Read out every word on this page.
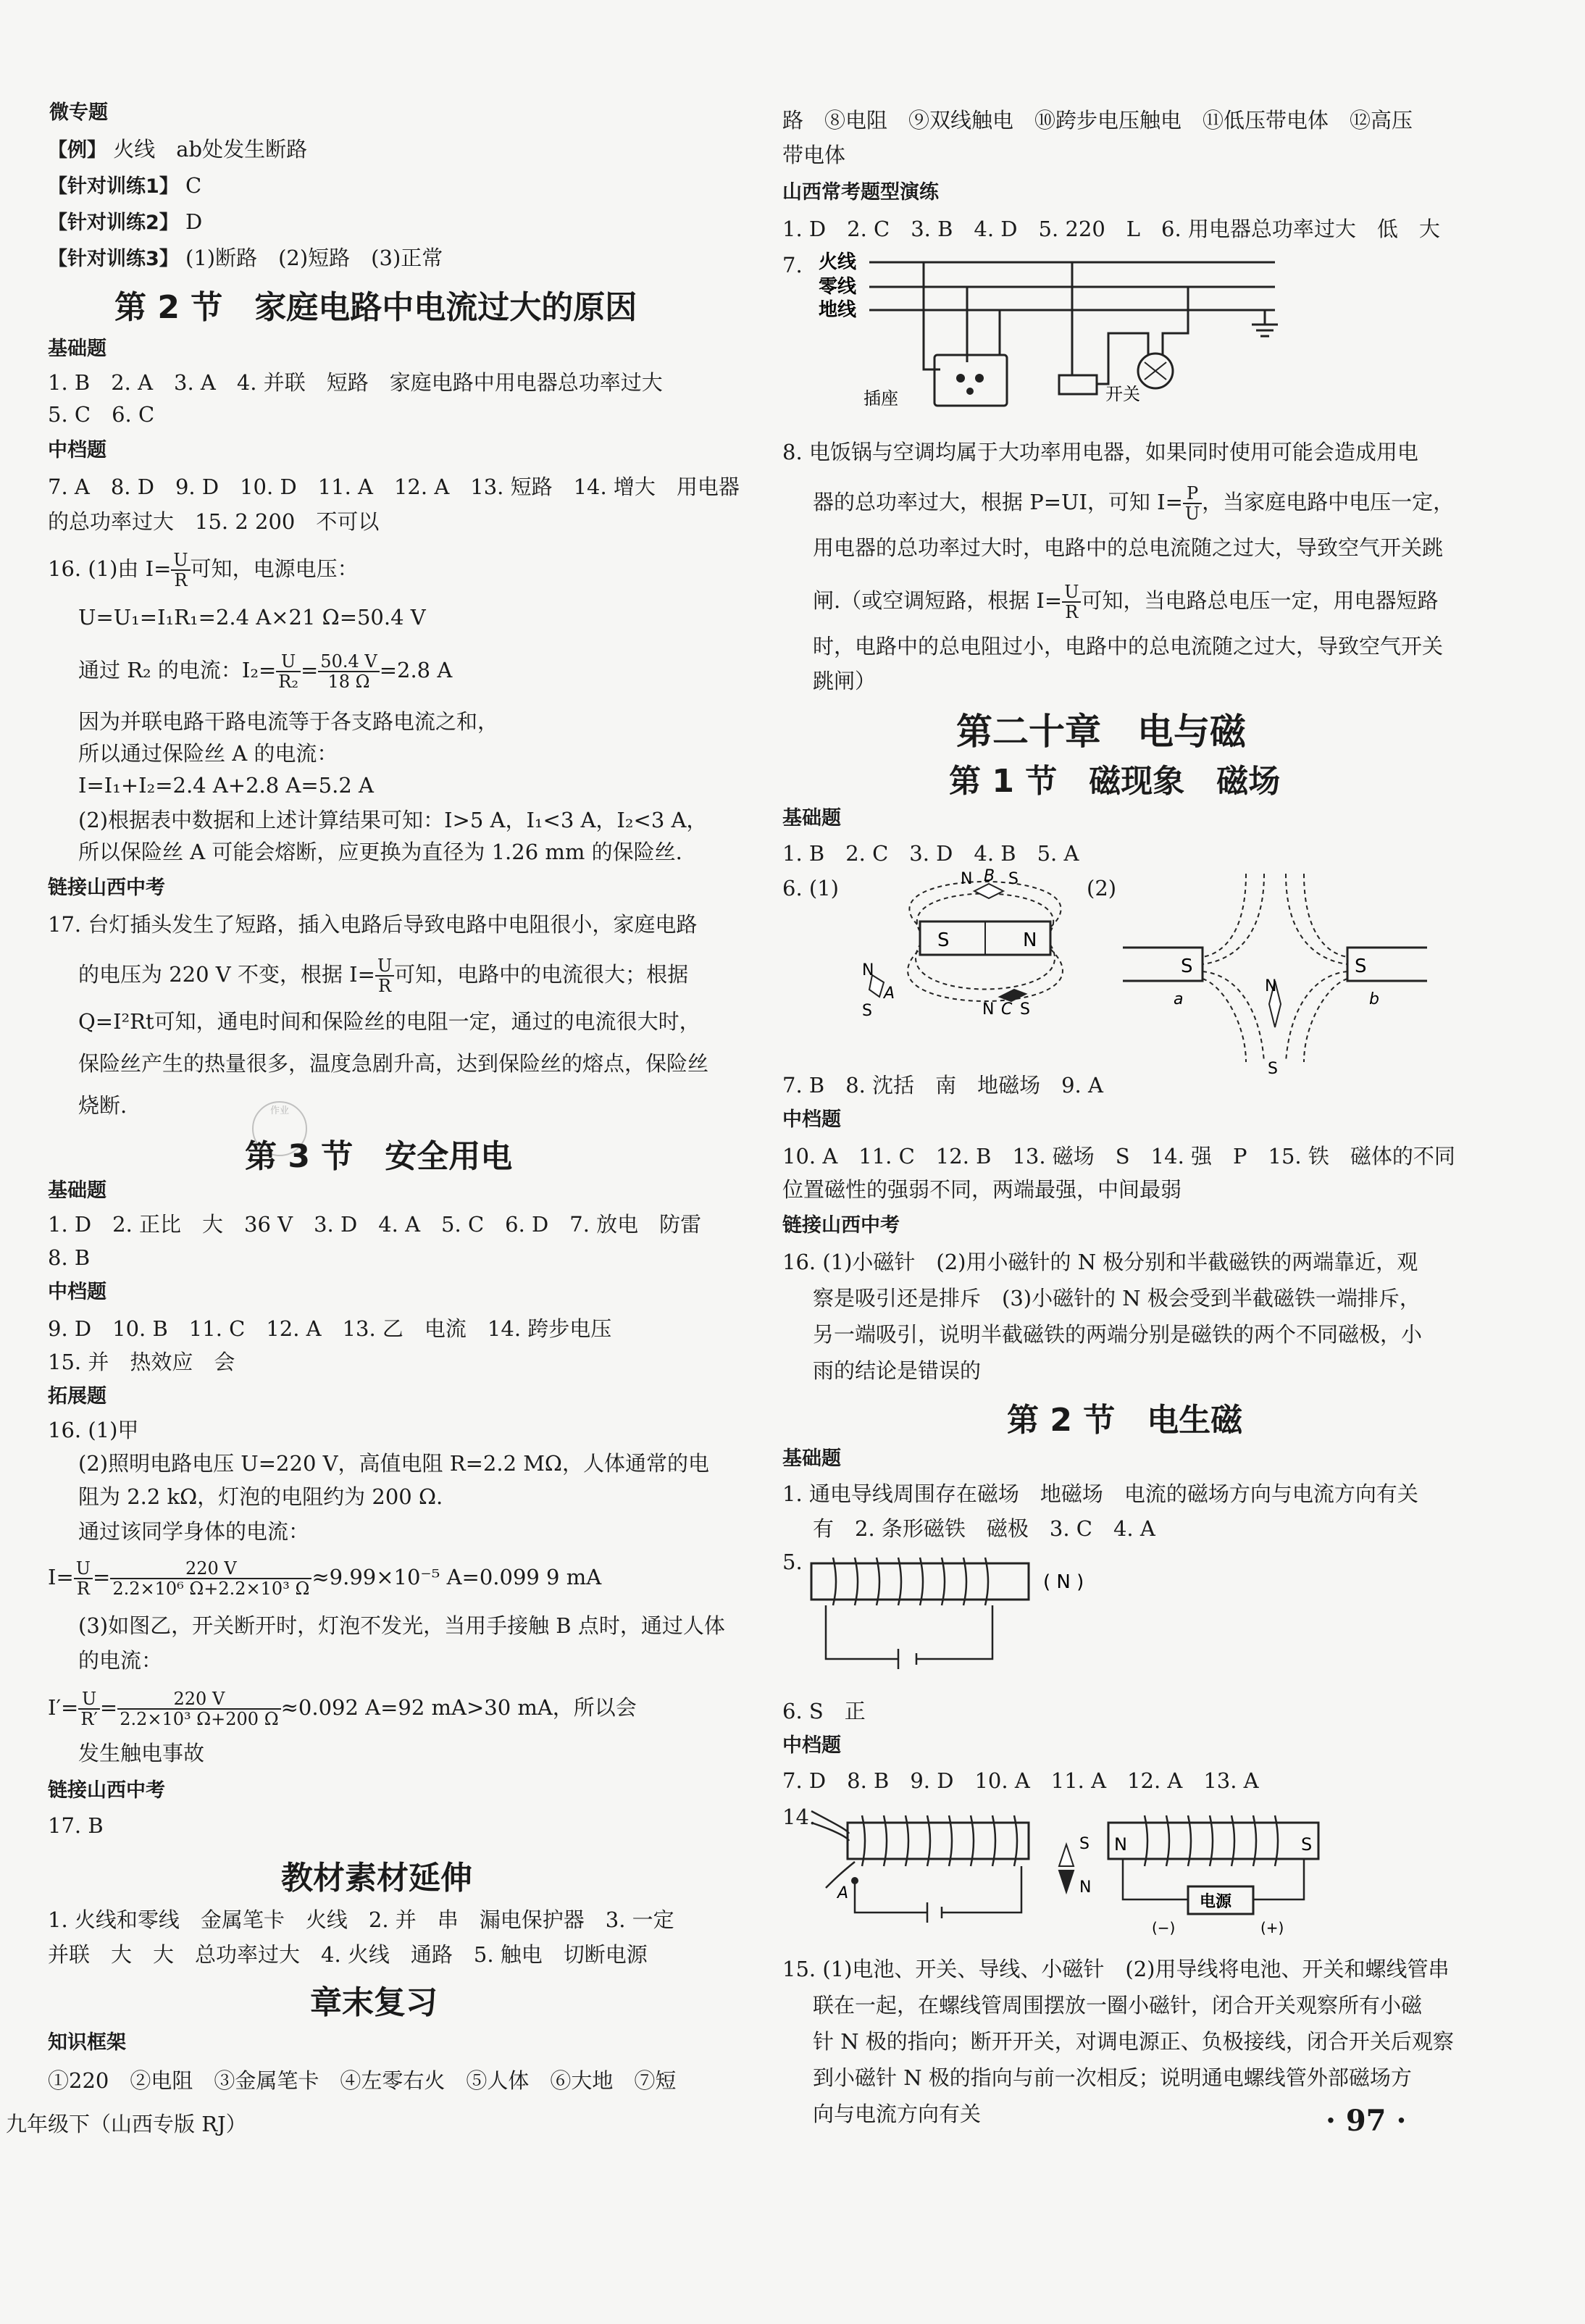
微专题
【例】 火线　ab处发生断路
【针对训练1】 C
【针对训练2】 D
【针对训练3】 (1)断路　(2)短路　(3)正常
第 2 节　家庭电路中电流过大的原因
基础题
1. B　2. A　3. A　4. 并联　短路　家庭电路中用电器总功率过大
5. C　6. C
中档题
7. A　8. D　9. D　10. D　11. A　12. A　13. 短路　14. 增大　用电器
的总功率过大　15. 2 200　不可以
16. (1)由 $I= \frac{U}{R}$ 可知，电源电压：
U=U₁=I₁R₁=2.4 A×21 Ω=50.4 V
通过 R₂ 的电流：$I_2= \frac{U}{\text{R₂}} = \frac{50.4 V}{18 \Omega} =2.8$ A
因为并联电路干路电流等于各支路电流之和，
所以通过保险丝 A 的电流：
I=I₁+I₂=2.4 A+2.8 A=5.2 A
(2)根据表中数据和上述计算结果可知：I>5 A，I₁<3 A，I₂<3 A，
所以保险丝 A 可能会熔断，应更换为直径为 1.26 mm 的保险丝.
链接山西中考
17. 台灯插头发生了短路，插入电路后导致电路中电阻很小，家庭电路
的电压为 220 V 不变，根据 $I= \frac{U}{R}$ 可知，电路中的电流很大；根据
Q=I²Rt可知，通电时间和保险丝的电阻一定，通过的电流很大时，
保险丝产生的热量很多，温度急剧升高，达到保险丝的熔点，保险丝
烧断.	作业
第 3 节　安全用电
基础题
1. D　2. 正比　大　36 V　3. D　4. A　5. C　6. D　7. 放电　防雷
8. B
中档题
9. D　10. B　11. C　12. A　13. 乙　电流　14. 跨步电压
15. 并　热效应　会
拓展题
16. (1)甲
(2)照明电路电压 U=220 V，高值电阻 R=2.2 MΩ，人体通常的电
阻为 2.2 kΩ，灯泡的电阻约为 200 Ω.
通过该同学身体的电流：
$I= \frac{U}{R} = \frac{220 V}{\text{2.2×10⁶ Ω+2.2×10³ Ω}} \approx 9.99\times 10^{-5}$ A=0.099 9 mA
(3)如图乙，开关断开时，灯泡不发光，当用手接触 B 点时，通过人体
的电流：
$I'= \frac{U}{R'} = \frac{220 V}{\text{2.2×10³ Ω+200 Ω}} \approx 0.092$ A=92 mA>30 mA，所以会
发生触电事故
链接山西中考
17. B
教材素材延伸
1. 火线和零线　金属笔卡　火线　2. 并　串　漏电保护器　3. 一定
并联　大　大　总功率过大　4. 火线　通路　5. 触电　切断电源
章末复习
知识框架
①220　②电阻　③金属笔卡　④左零右火　⑤人体　⑥大地　⑦短
九年级下（山西专版 RJ）
路　⑧电阻　⑨双线触电　⑩跨步电压触电　⑪低压带电体　⑫高压
带电体
山西常考题型演练
1. D　2. C　3. B　4. D　5. 220　L　6. 用电器总功率过大　低　大
7. 火线
零线
地线
插座	开关
8. 电饭锅与空调均属于大功率用电器，如果同时使用可能会造成用电
器的总功率过大，根据 P=UI，可知 $I= \frac{P}{U}$ ，当家庭电路中电压一定，
用电器的总功率过大时，电路中的总电流随之过大，导致空气开关跳
闸.（或空调短路，根据 $I= \frac{U}{R}$ 可知，当电路总电压一定，用电器短路
时，电路中的总电阻过小，电路中的总电流随之过大，导致空气开关
跳闸）
第二十章　电与磁
第 1 节　磁现象　磁场
基础题
1. B　2. C　3. D　4. B　5. A
6. (1)
S	N
N B S
N
A
S	N C S
(2)
S	S
a	b
N
S
7. B　8. 沈括　南　地磁场　9. A
中档题
10. A　11. C　12. B　13. 磁场　S　14. 强　P　15. 铁　磁体的不同
位置磁性的强弱不同，两端最强，中间最弱
链接山西中考
16. (1)小磁针　(2)用小磁针的 N 极分别和半截磁铁的两端靠近，观
察是吸引还是排斥　(3)小磁针的 N 极会受到半截磁铁一端排斥，
另一端吸引，说明半截磁铁的两端分别是磁铁的两个不同磁极，小
雨的结论是错误的
第 2 节　电生磁
基础题
1. 通电导线周围存在磁场　地磁场　电流的磁场方向与电流方向有关
有　2. 条形磁铁　磁极　3. C　4. A
5.
( N )
6. S　正
中档题
7. D　8. B　9. D　10. A　11. A　12. A　13. A
14.
A
S
N
N	S
电源
(−)	(+)
15. (1)电池、开关、导线、小磁针　(2)用导线将电池、开关和螺线管串
联在一起，在螺线管周围摆放一圈小磁针，闭合开关观察所有小磁
针 N 极的指向；断开开关，对调电源正、负极接线，闭合开关后观察
到小磁针 N 极的指向与前一次相反；说明通电螺线管外部磁场方
向与电流方向有关	· 97 ·
